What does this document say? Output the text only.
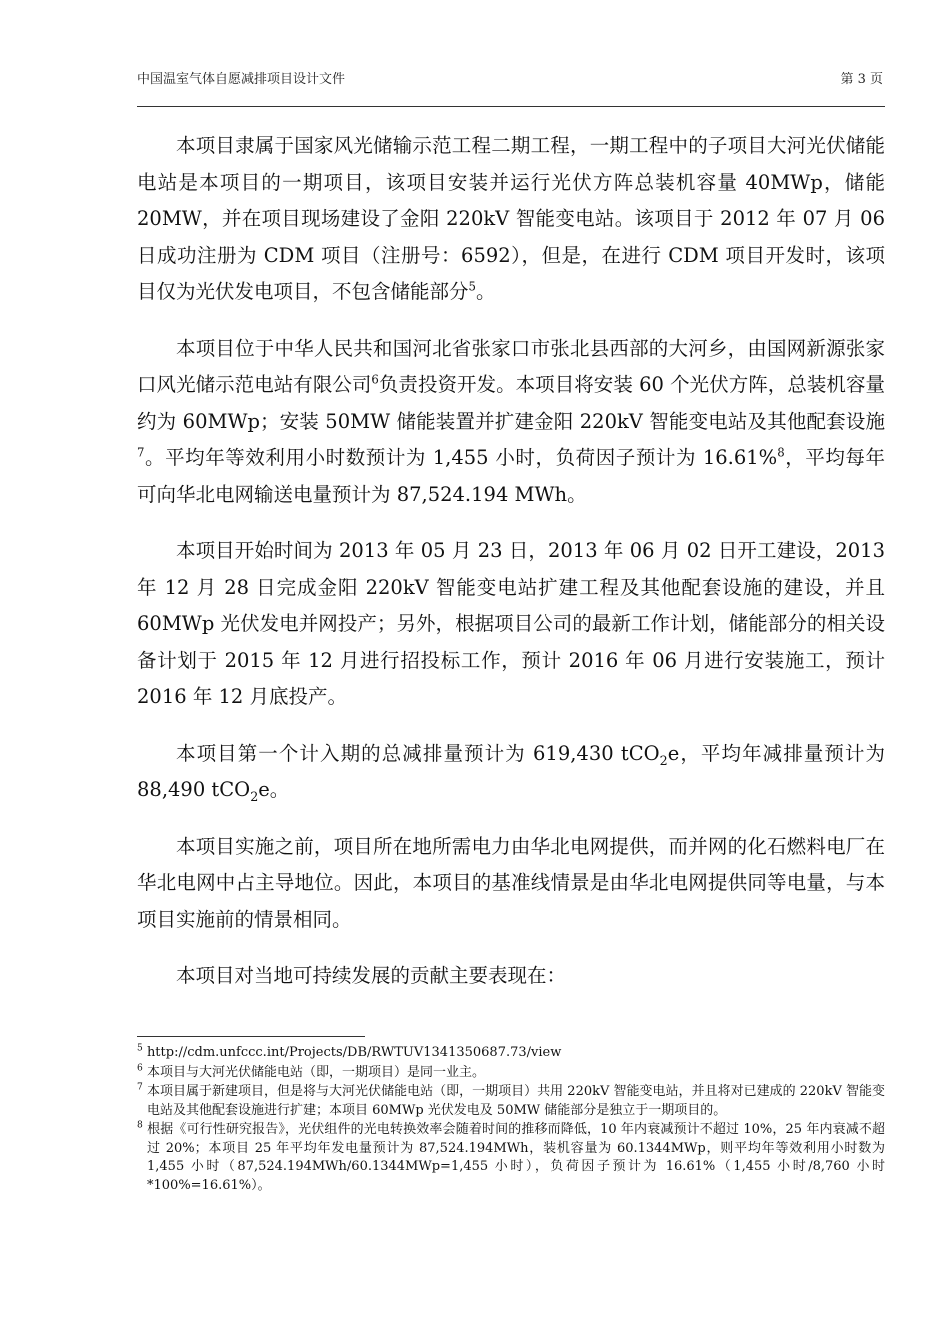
中国温室气体自愿减排项目设计文件	第 3 页

本项目隶属于国家风光储输示范工程二期工程，一期工程中的子项目大河光伏储能电站是本项目的一期项目，该项目安装并运行光伏方阵总装机容量 40MWp，储能 20MW，并在项目现场建设了金阳 220kV 智能变电站。该项目于 2012 年 07 月 06 日成功注册为 CDM 项目（注册号：6592），但是，在进行 CDM 项目开发时，该项目仅为光伏发电项目，不包含储能部分$^5$。

本项目位于中华人民共和国河北省张家口市张北县西部的大河乡，由国网新源张家口风光储示范电站有限公司$^6$负责投资开发。本项目将安装 60 个光伏方阵，总装机容量约为 60MWp；安装 50MW 储能装置并扩建金阳 220kV 智能变电站及其他配套设施$^7$。平均年等效利用小时数预计为 1,455 小时，负荷因子预计为 16.61%$^8$，平均每年可向华北电网输送电量预计为 87,524.194 MWh。

本项目开始时间为 2013 年 05 月 23 日，2013 年 06 月 02 日开工建设，2013 年 12 月 28 日完成金阳 220kV 智能变电站扩建工程及其他配套设施的建设，并且 60MWp 光伏发电并网投产；另外，根据项目公司的最新工作计划，储能部分的相关设备计划于 2015 年 12 月进行招投标工作，预计 2016 年 06 月进行安装施工，预计 2016 年 12 月底投产。

本项目第一个计入期的总减排量预计为 619,430 tCO$_2$e，平均年减排量预计为 88,490 tCO$_2$e。

本项目实施之前，项目所在地所需电力由华北电网提供，而并网的化石燃料电厂在华北电网中占主导地位。因此，本项目的基准线情景是由华北电网提供同等电量，与本项目实施前的情景相同。

本项目对当地可持续发展的贡献主要表现在：

$^5$ http://cdm.unfccc.int/Projects/DB/RWTUV1341350687.73/view
$^6$ 本项目与大河光伏储能电站（即，一期项目）是同一业主。
$^7$ 本项目属于新建项目，但是将与大河光伏储能电站（即，一期项目）共用 220kV 智能变电站，并且将对已建成的 220kV 智能变电站及其他配套设施进行扩建；本项目 60MWp 光伏发电及 50MW 储能部分是独立于一期项目的。
$^8$ 根据《可行性研究报告》，光伏组件的光电转换效率会随着时间的推移而降低，10 年内衰减预计不超过 10%，25 年内衰减不超过 20%；本项目 25 年平均年发电量预计为 87,524.194MWh，装机容量为 60.1344MWp，则平均年等效利用小时数为 1,455 小时（87,524.194MWh/60.1344MWp=1,455 小时），负荷因子预计为 16.61%（1,455 小时/8,760 小时*100%=16.61%）。
